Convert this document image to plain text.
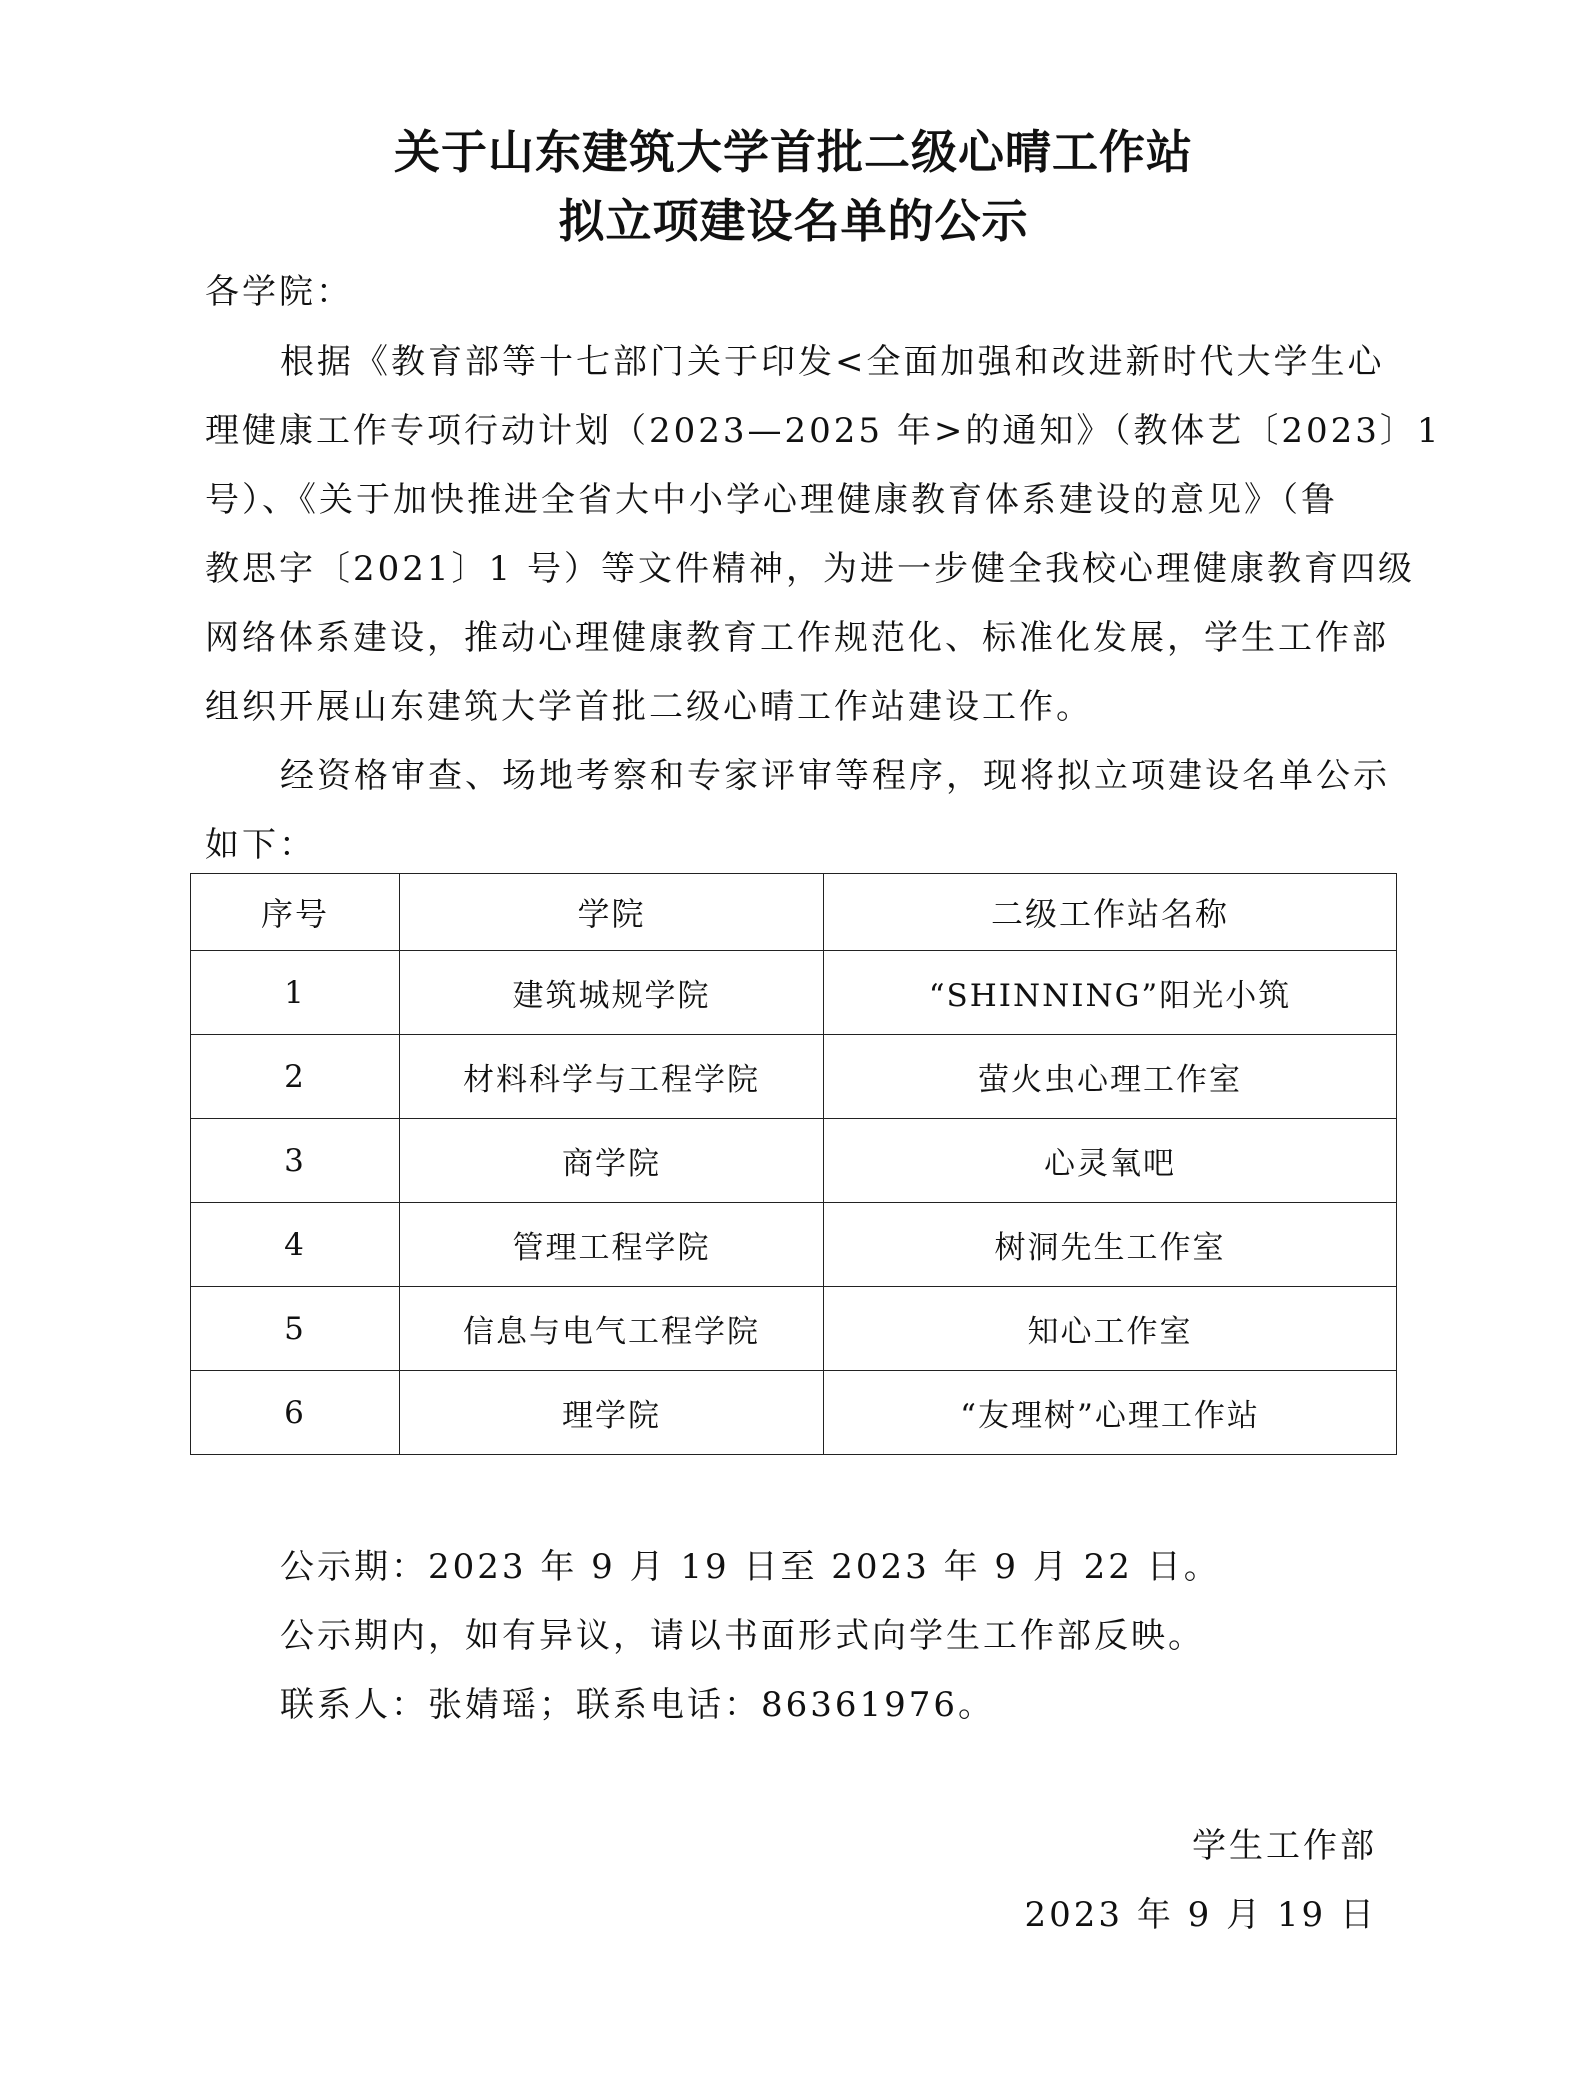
关于山东建筑大学首批二级心晴工作站
拟立项建设名单的公示
各学院：
根据《教育部等十七部门关于印发<全面加强和改进新时代大学生心
理健康工作专项行动计划（2023—2025 年>的通知》（教体艺〔2023〕1
号）、《关于加快推进全省大中小学心理健康教育体系建设的意见》（鲁
教思字〔2021〕1 号）等文件精神，为进一步健全我校心理健康教育四级
网络体系建设，推动心理健康教育工作规范化、标准化发展，学生工作部
组织开展山东建筑大学首批二级心晴工作站建设工作。
经资格审查、场地考察和专家评审等程序，现将拟立项建设名单公示
如下：
序号	学院	二级工作站名称
1	建筑城规学院	“SHINNING”阳光小筑
2	材料科学与工程学院	萤火虫心理工作室
3	商学院	心灵氧吧
4	管理工程学院	树洞先生工作室
5	信息与电气工程学院	知心工作室
6	理学院	“友理树”心理工作站
公示期：2023 年 9 月 19 日至 2023 年 9 月 22 日。
公示期内，如有异议，请以书面形式向学生工作部反映。
联系人：张婧瑶；联系电话：86361976。
学生工作部
2023 年 9 月 19 日
